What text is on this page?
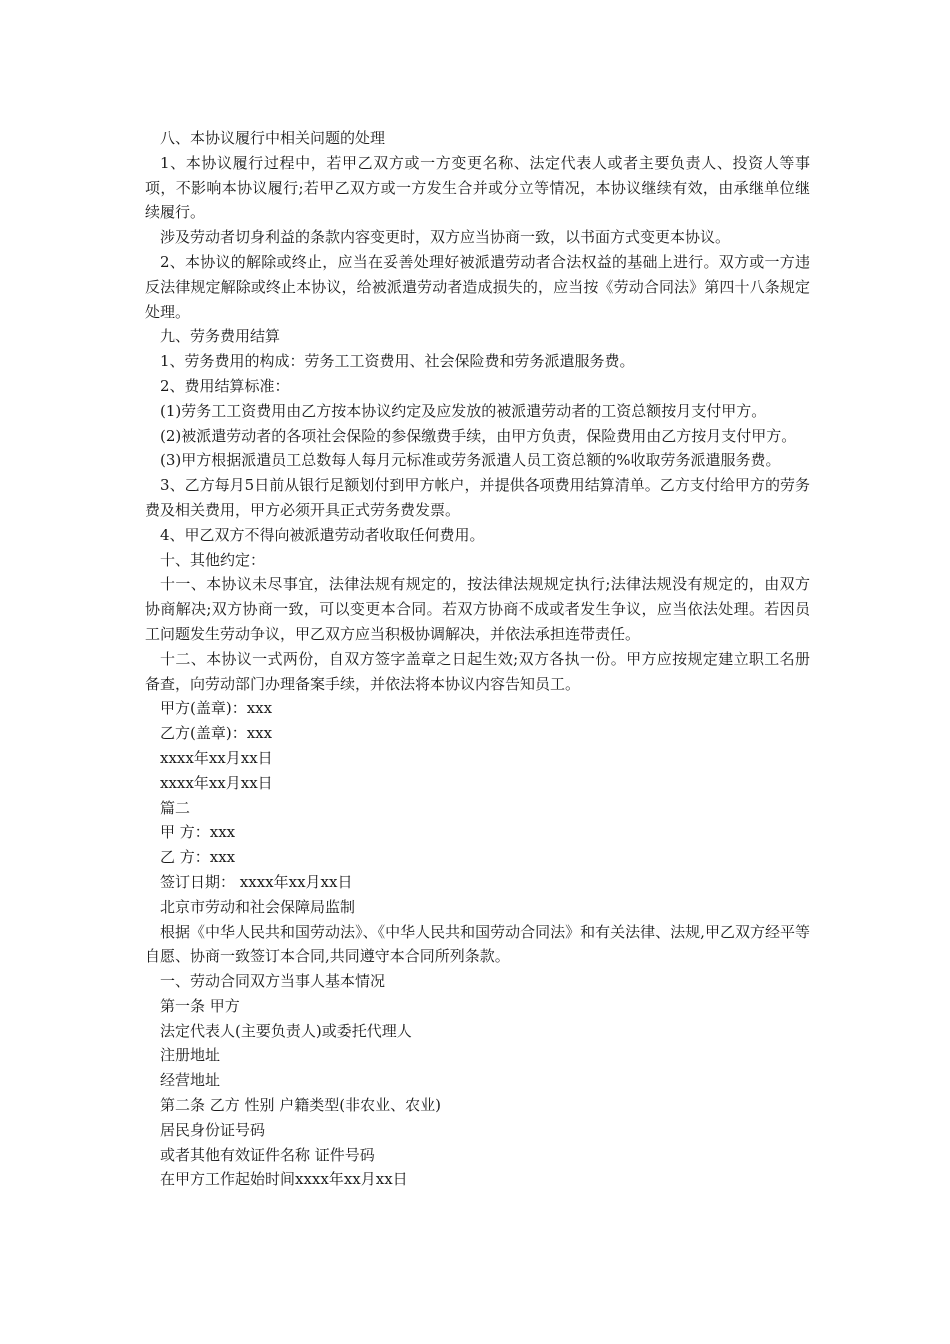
八、本协议履行中相关问题的处理

1、本协议履行过程中，若甲乙双方或一方变更名称、法定代表人或者主要负责人、投资人等事项，不影响本协议履行;若甲乙双方或一方发生合并或分立等情况，本协议继续有效，由承继单位继续履行。

涉及劳动者切身利益的条款内容变更时，双方应当协商一致，以书面方式变更本协议。

2、本协议的解除或终止，应当在妥善处理好被派遣劳动者合法权益的基础上进行。双方或一方违反法律规定解除或终止本协议，给被派遣劳动者造成损失的，应当按《劳动合同法》第四十八条规定处理。

九、劳务费用结算

1、劳务费用的构成：劳务工工资费用、社会保险费和劳务派遣服务费。

2、费用结算标准：

(1)劳务工工资费用由乙方按本协议约定及应发放的被派遣劳动者的工资总额按月支付甲方。

(2)被派遣劳动者的各项社会保险的参保缴费手续，由甲方负责，保险费用由乙方按月支付甲方。

(3)甲方根据派遣员工总数每人每月元标准或劳务派遣人员工资总额的%收取劳务派遣服务费。

3、乙方每月5日前从银行足额划付到甲方帐户，并提供各项费用结算清单。乙方支付给甲方的劳务费及相关费用，甲方必须开具正式劳务费发票。

4、甲乙双方不得向被派遣劳动者收取任何费用。

十、其他约定：

十一、本协议未尽事宜，法律法规有规定的，按法律法规规定执行;法律法规没有规定的，由双方协商解决;双方协商一致，可以变更本合同。若双方协商不成或者发生争议，应当依法处理。若因员工问题发生劳动争议，甲乙双方应当积极协调解决，并依法承担连带责任。

十二、本协议一式两份，自双方签字盖章之日起生效;双方各执一份。甲方应按规定建立职工名册备查，向劳动部门办理备案手续，并依法将本协议内容告知员工。

甲方(盖章)：xxx

乙方(盖章)：xxx

xxxx年xx月xx日

xxxx年xx月xx日

篇二

甲 方：xxx

乙 方：xxx

签订日期： xxxx年xx月xx日

北京市劳动和社会保障局监制

根据《中华人民共和国劳动法》、《中华人民共和国劳动合同法》和有关法律、法规,甲乙双方经平等自愿、协商一致签订本合同,共同遵守本合同所列条款。

一、劳动合同双方当事人基本情况

第一条 甲方

法定代表人(主要负责人)或委托代理人

注册地址

经营地址

第二条 乙方 性别 户籍类型(非农业、农业)

居民身份证号码

或者其他有效证件名称 证件号码

在甲方工作起始时间xxxx年xx月xx日
